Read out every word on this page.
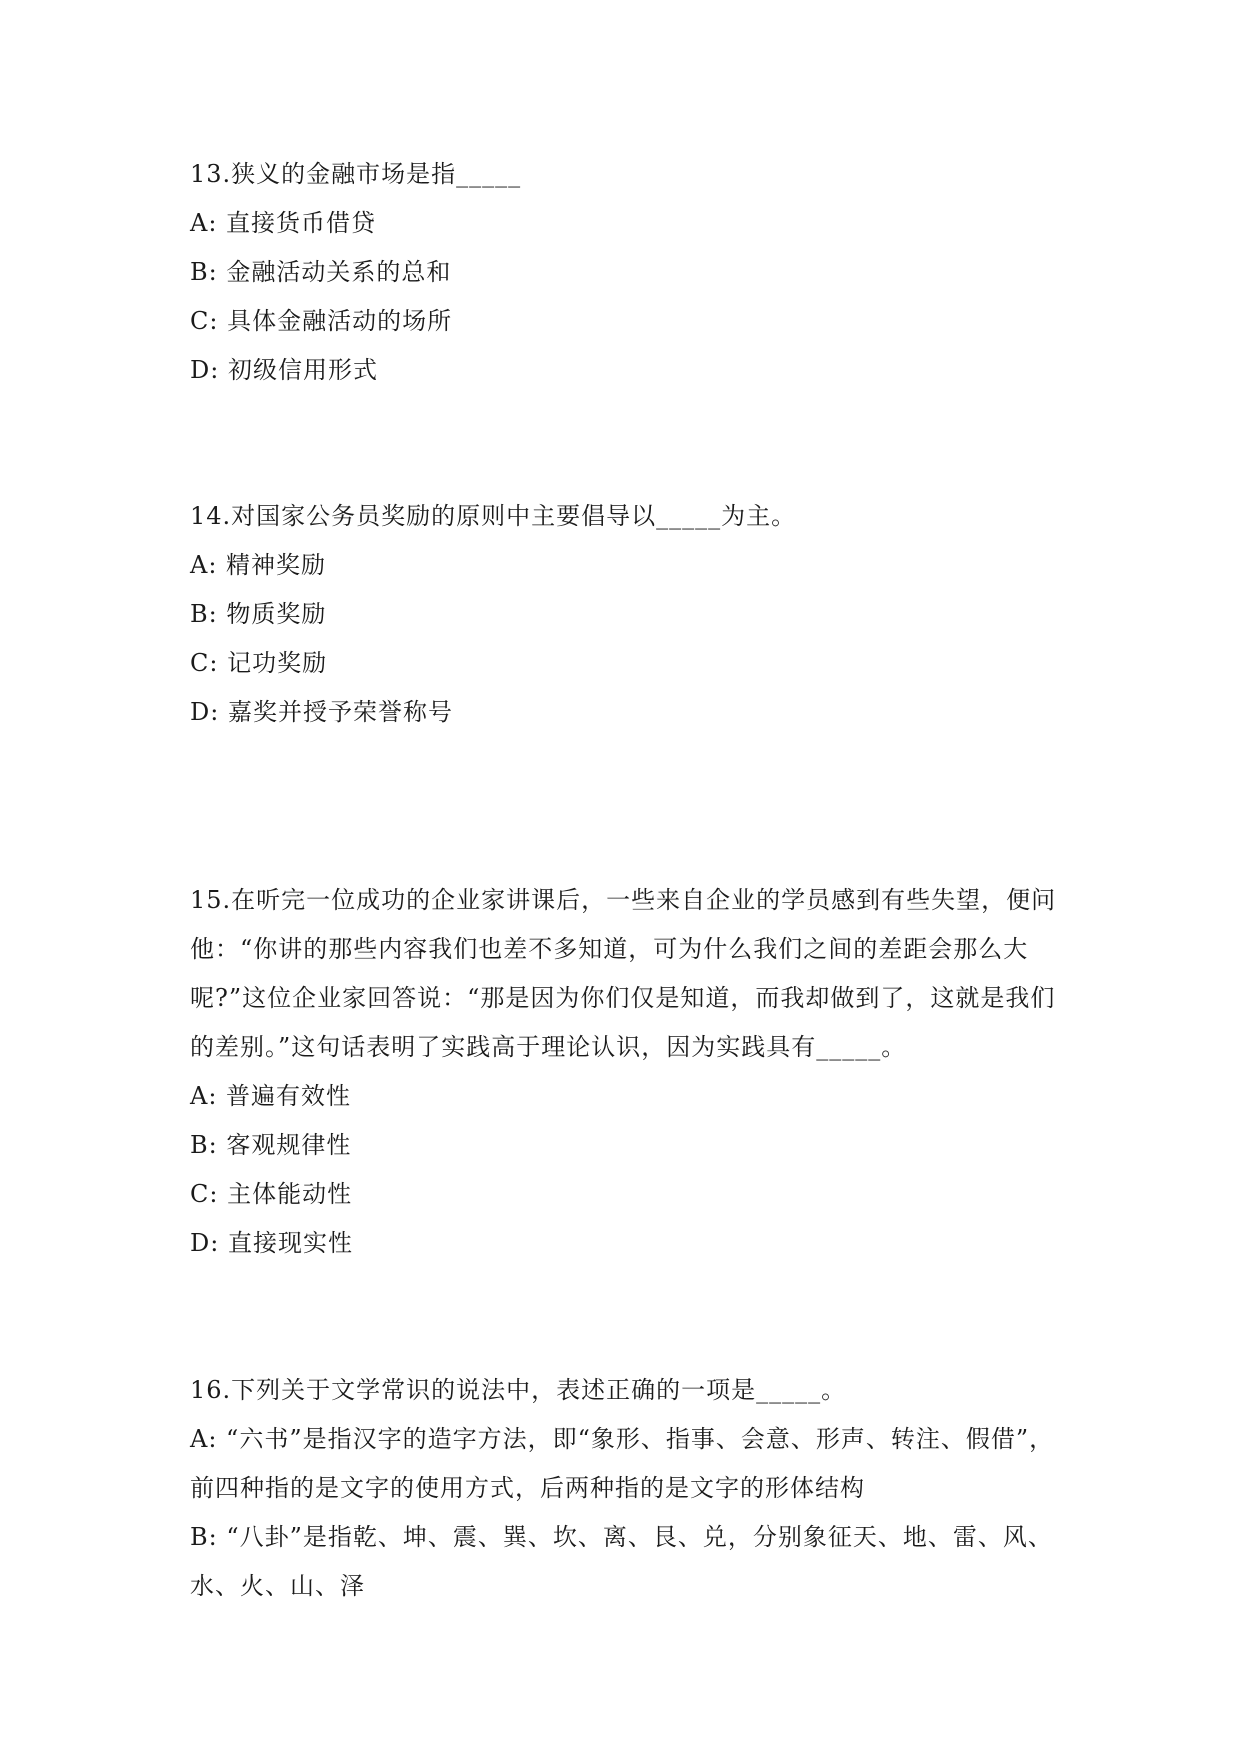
13.狭义的金融市场是指_____

A: 直接货币借贷

B: 金融活动关系的总和

C: 具体金融活动的场所

D: 初级信用形式

14.对国家公务员奖励的原则中主要倡导以_____为主。

A: 精神奖励

B: 物质奖励

C: 记功奖励

D: 嘉奖并授予荣誉称号

15.在听完一位成功的企业家讲课后，一些来自企业的学员感到有些失望，便问他：“你讲的那些内容我们也差不多知道，可为什么我们之间的差距会那么大呢?”这位企业家回答说：“那是因为你们仅是知道，而我却做到了，这就是我们的差别。”这句话表明了实践高于理论认识，因为实践具有_____。

A: 普遍有效性

B: 客观规律性

C: 主体能动性

D: 直接现实性

16.下列关于文学常识的说法中，表述正确的一项是_____。

A: “六书”是指汉字的造字方法，即“象形、指事、会意、形声、转注、假借”，前四种指的是文字的使用方式，后两种指的是文字的形体结构

B: “八卦”是指乾、坤、震、巽、坎、离、艮、兑，分别象征天、地、雷、风、水、火、山、泽
